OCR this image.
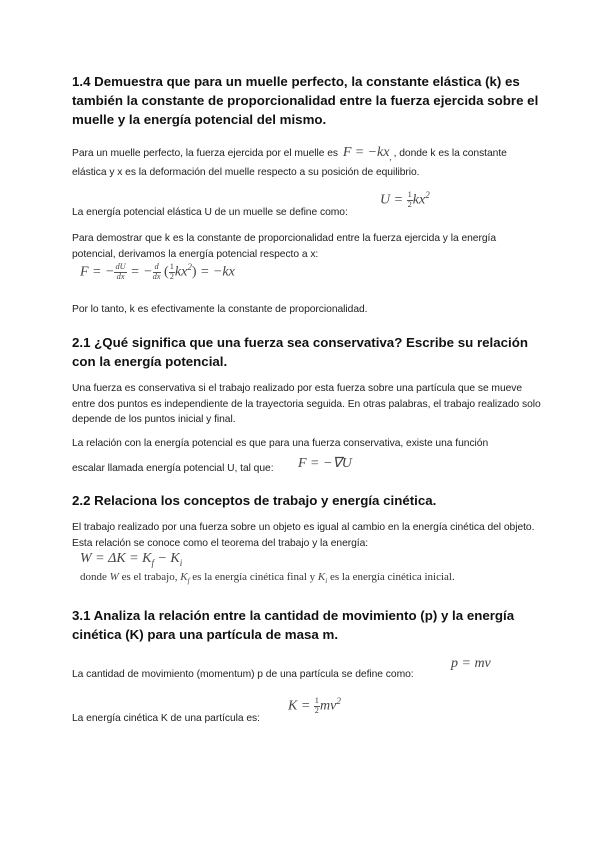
1.4 Demuestra que para un muelle perfecto, la constante elástica (k) es también la constante de proporcionalidad entre la fuerza ejercida sobre el muelle y la energía potencial del mismo.
Para un muelle perfecto, la fuerza ejercida por el muelle es $F = -kx_,$ , donde k es la constante elástica y x es la deformación del muelle respecto a su posición de equilibrio.
La energía potencial elástica U de un muelle se define como:
$U = \frac{1}{2} kx^2$
Para demostrar que k es la constante de proporcionalidad entre la fuerza ejercida y la energía potencial, derivamos la energía potencial respecto a x:
F = − $\frac{dU}{dx}$ = − $\frac{d}{dx}$ ( $\frac{1}{2} kx^2) = -kx$
Por lo tanto, k es efectivamente la constante de proporcionalidad.
2.1 ¿Qué significa que una fuerza sea conservativa? Escribe su relación con la energía potencial.
Una fuerza es conservativa si el trabajo realizado por esta fuerza sobre una partícula que se mueve entre dos puntos es independiente de la trayectoria seguida. En otras palabras, el trabajo realizado solo depende de los puntos inicial y final.
La relación con la energía potencial es que para una fuerza conservativa, existe una función
escalar llamada energía potencial U, tal que: F = −∇U
2.2 Relaciona los conceptos de trabajo y energía cinética.
El trabajo realizado por una fuerza sobre un objeto es igual al cambio en la energía cinética del objeto. Esta relación se conoce como el teorema del trabajo y la energía:
$W = \Delta K = K_f - K_i$
donde W es el trabajo, $K_f$ es la energía cinética final y $K_i$ es la energía cinética inicial.
3.1 Analiza la relación entre la cantidad de movimiento (p) y la energía cinética (K) para una partícula de masa m.
La cantidad de movimiento (momentum) p de una partícula se define como:
p = mv
La energía cinética K de una partícula es:
$K = \frac{1}{2} mv^2$
